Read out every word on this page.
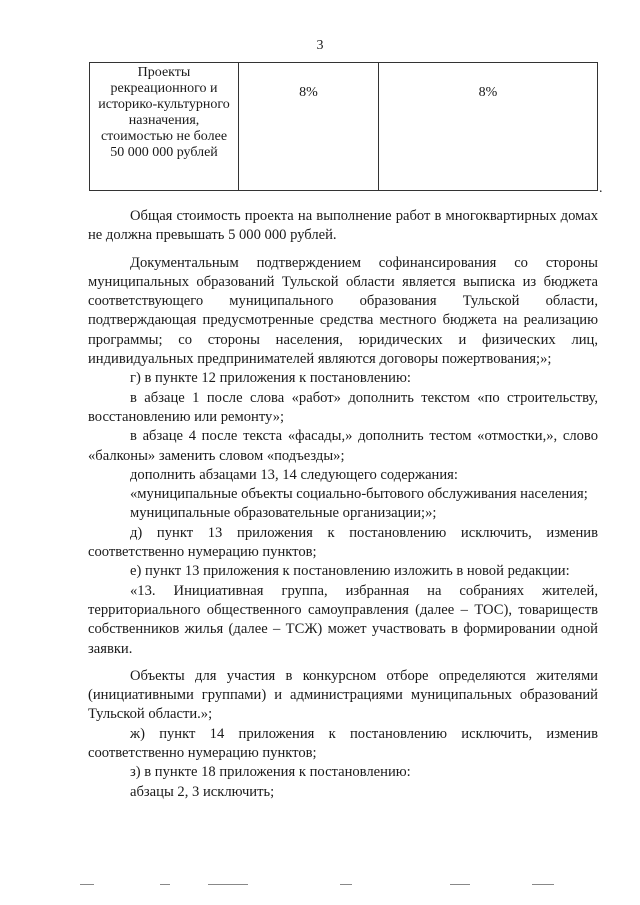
3
Проекты рекреационного и историко-культурного назначения, стоимостью не более 50 000 000 рублей	8%	8%
.

Общая стоимость проекта на выполнение работ в многоквартирных домах не должна превышать 5 000 000 рублей.

Документальным подтверждением софинансирования со стороны муниципальных образований Тульской области является выписка из бюджета соответствующего муниципального образования Тульской области, подтверждающая предусмотренные средства местного бюджета на реализацию программы; со стороны населения, юридических и физических лиц, индивидуальных предпринимателей являются договоры пожертвования;»;

г) в пункте 12 приложения к постановлению:

в абзаце 1 после слова «работ» дополнить текстом «по строительству, восстановлению или ремонту»;

в абзаце 4 после текста «фасады,» дополнить тестом «отмостки,», слово «балконы» заменить словом «подъезды»;

дополнить абзацами 13, 14 следующего содержания:

«муниципальные объекты социально-бытового обслуживания населения;

муниципальные образовательные организации;»;

д) пункт 13 приложения к постановлению исключить, изменив соответственно нумерацию пунктов;

е) пункт 13 приложения к постановлению изложить в новой редакции:

«13. Инициативная группа, избранная на собраниях жителей, территориального общественного самоуправления (далее – ТОС), товариществ собственников жилья (далее – ТСЖ) может участвовать в формировании одной заявки.

Объекты для участия в конкурсном отборе определяются жителями (инициативными группами) и администрациями муниципальных образований Тульской области.»;

ж) пункт 14 приложения к постановлению исключить, изменив соответственно нумерацию пунктов;

з) в пункте 18 приложения к постановлению:

абзацы 2, 3 исключить;
